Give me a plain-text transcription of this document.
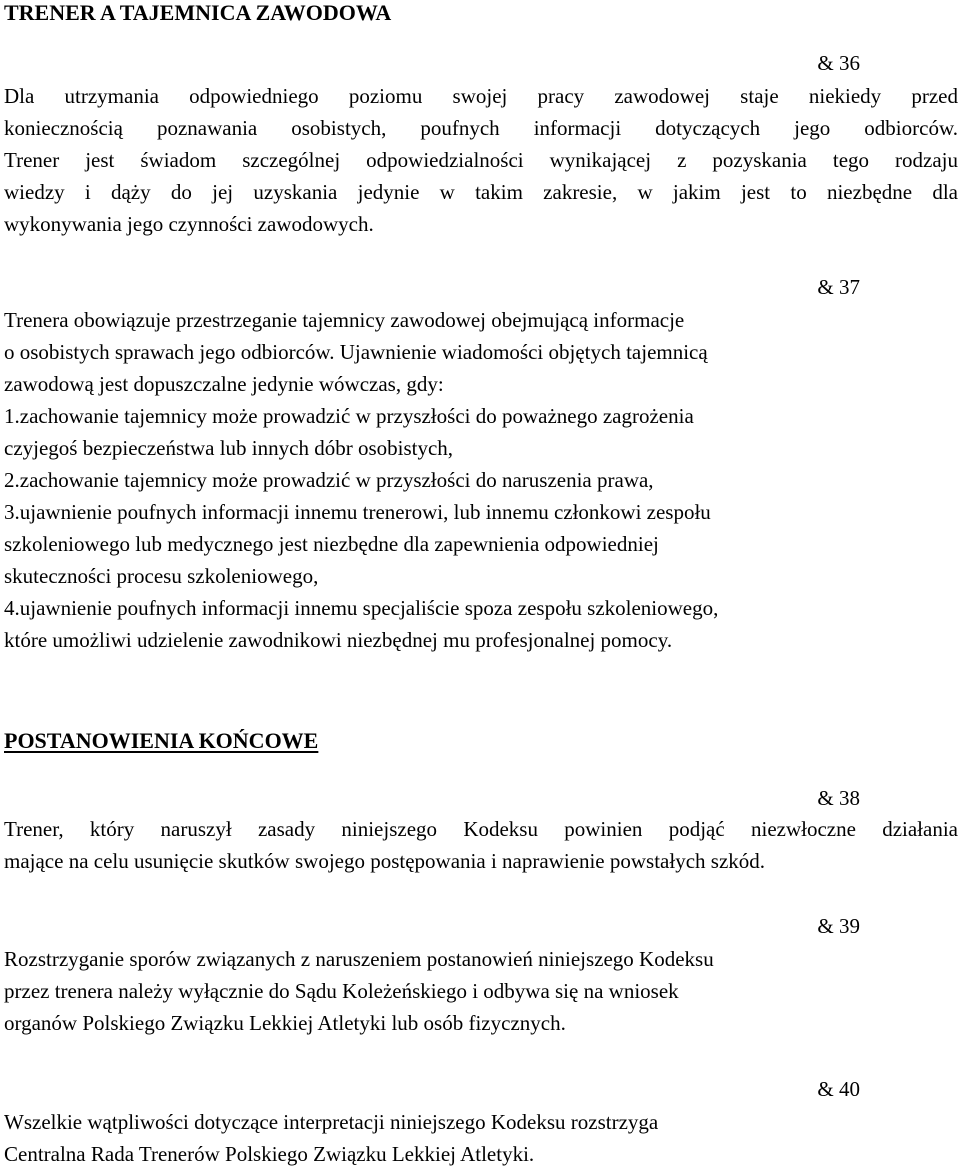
TRENER A TAJEMNICA ZAWODOWA
& 36
Dla utrzymania odpowiedniego poziomu swojej pracy zawodowej staje niekiedy przed
koniecznością poznawania osobistych, poufnych informacji dotyczących jego odbiorców.
Trener jest świadom szczególnej odpowiedzialności wynikającej z pozyskania tego rodzaju
wiedzy i dąży do jej uzyskania jedynie w takim zakresie, w jakim jest to niezbędne dla
wykonywania jego czynności zawodowych.
& 37
Trenera obowiązuje przestrzeganie tajemnicy zawodowej obejmującą informacje
o osobistych sprawach jego odbiorców. Ujawnienie wiadomości objętych tajemnicą
zawodową jest dopuszczalne jedynie wówczas, gdy:
1.zachowanie tajemnicy może prowadzić w przyszłości do poważnego zagrożenia
czyjegoś bezpieczeństwa lub innych dóbr osobistych,
2.zachowanie tajemnicy może prowadzić w przyszłości do naruszenia prawa,
3.ujawnienie poufnych informacji innemu trenerowi, lub innemu członkowi zespołu
szkoleniowego lub medycznego jest niezbędne dla zapewnienia odpowiedniej
skuteczności procesu szkoleniowego,
4.ujawnienie poufnych informacji innemu specjaliście spoza zespołu szkoleniowego,
które umożliwi udzielenie zawodnikowi niezbędnej mu profesjonalnej pomocy.
POSTANOWIENIA KOŃCOWE
& 38
Trener, który naruszył zasady niniejszego Kodeksu powinien podjąć niezwłoczne działania
mające na celu usunięcie skutków swojego postępowania i naprawienie powstałych szkód.
& 39
Rozstrzyganie sporów związanych z naruszeniem postanowień niniejszego Kodeksu
przez trenera należy wyłącznie do Sądu Koleżeńskiego i odbywa się na wniosek
organów Polskiego Związku Lekkiej Atletyki lub osób fizycznych.
& 40
Wszelkie wątpliwości dotyczące interpretacji niniejszego Kodeksu rozstrzyga
Centralna Rada Trenerów Polskiego Związku Lekkiej Atletyki.
